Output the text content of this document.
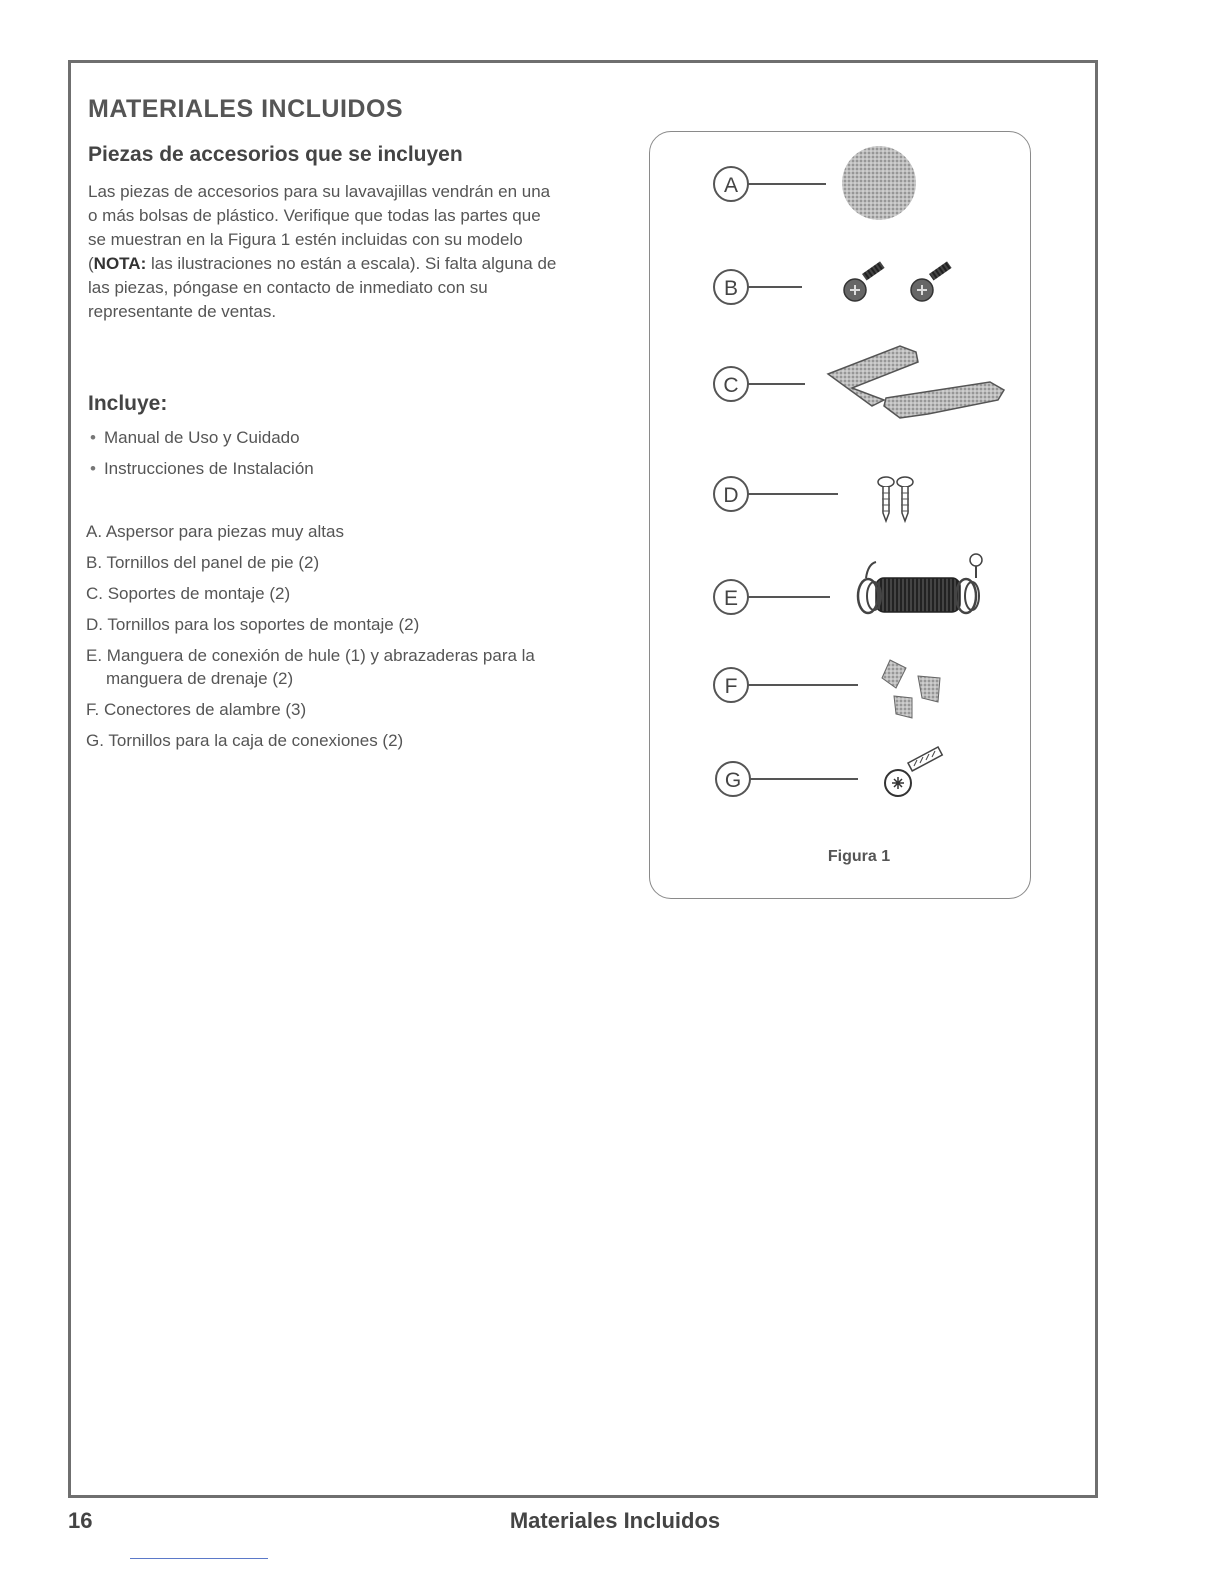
MATERIALES INCLUIDOS
Piezas de accesorios que se incluyen

Las piezas de accesorios para su lavavajillas vendrán en una o más bolsas de plástico. Verifique que todas las partes que se muestran en la Figura 1 estén incluidas con su modelo (NOTA: las ilustraciones no están a escala). Si falta alguna de las piezas, póngase en contacto de inmediato con su representante de ventas.

Incluye:
• Manual de Uso y Cuidado
• Instrucciones de Instalación
A. Aspersor para piezas muy altas
B. Tornillos del panel de pie (2)
C. Soportes de montaje (2)
D. Tornillos para los soportes de montaje (2)
E. Manguera de conexión de hule (1) y abrazaderas para la manguera de drenaje (2)
F. Conectores de alambre (3)
G. Tornillos para la caja de conexiones (2)
A
B
C
D
E
F
G

Figura 1

16	Materiales Incluidos
